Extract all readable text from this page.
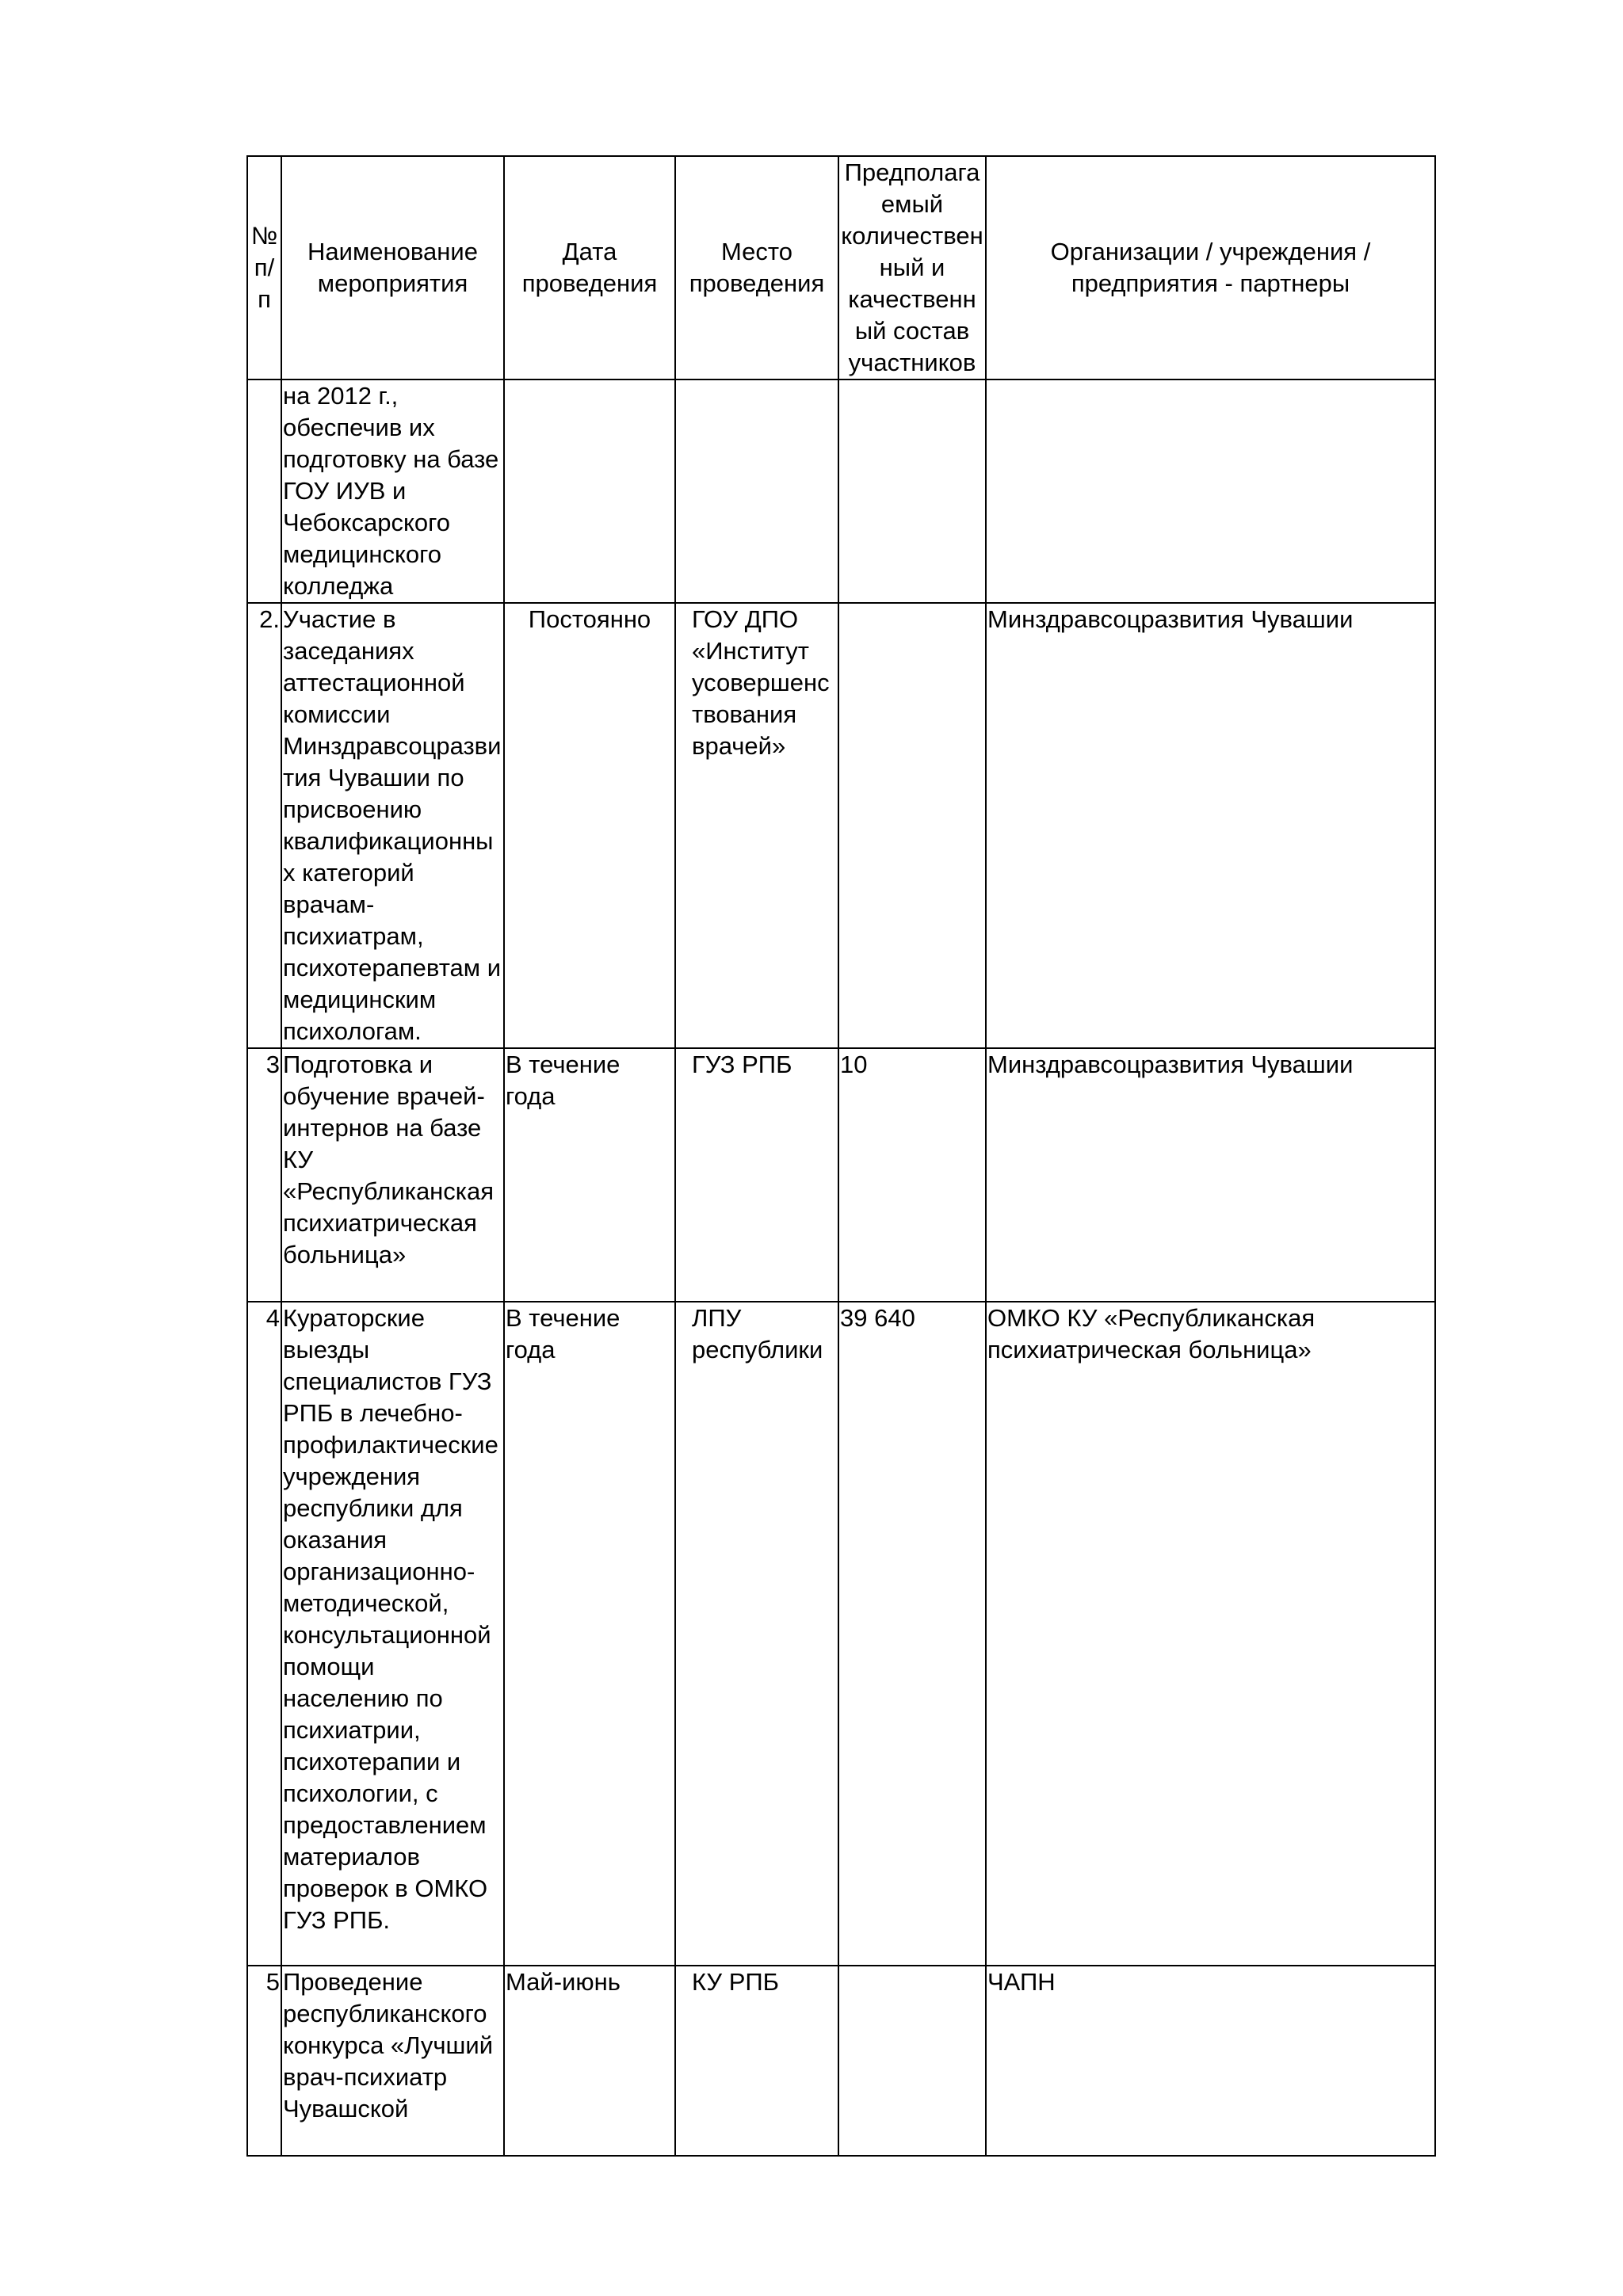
№ п/п	Наименование мероприятия	Дата проведения	Место проведения	Предполагаемый количественный и качественный состав участников	Организации / учреждения / предприятия - партнеры
	на 2012 г., обеспечив их подготовку на базе ГОУ ИУВ и Чебоксарского медицинского колледжа				
2.	Участие в заседаниях аттестационной комиссии Минздравсоцразвития Чувашии по присвоению квалификационных категорий врачам-психиатрам, психотерапевтам и медицинским психологам.	Постоянно	ГОУ ДПО «Институт усовершенствования врачей»		Минздравсоцразвития Чувашии
3	Подготовка и обучение врачей-интернов на базе КУ «Республиканская психиатрическая больница»	В течение года	ГУЗ РПБ	10	Минздравсоцразвития Чувашии
4	Кураторские выезды специалистов ГУЗ РПБ в лечебно-профилактические учреждения республики для оказания организационно-методической, консультационной помощи населению по психиатрии, психотерапии и психологии, с предоставлением материалов проверок в ОМКО ГУЗ РПБ.	В течение года	ЛПУ республики	39 640	ОМКО КУ «Республиканская психиатрическая больница»
5	Проведение республиканского конкурса «Лучший врач-психиатр Чувашской	Май-июнь	КУ РПБ		ЧАПН
